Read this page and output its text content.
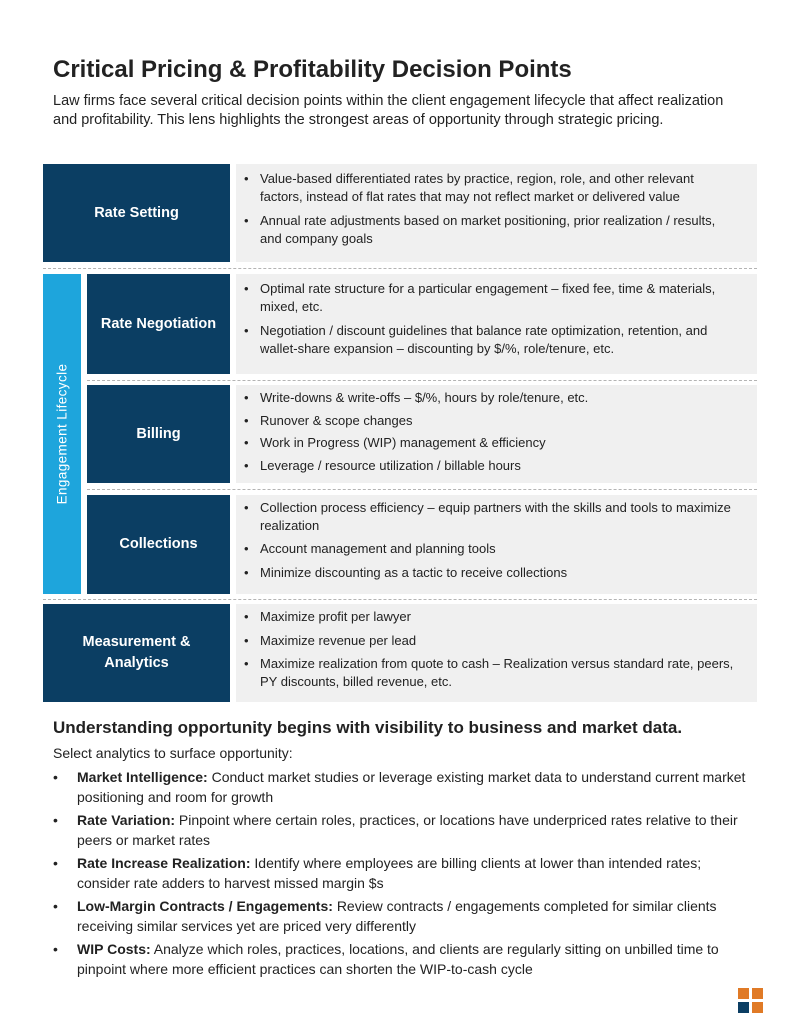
Critical Pricing & Profitability Decision Points

Law firms face several critical decision points within the client engagement lifecycle that affect realization and profitability. This lens highlights the strongest areas of opportunity through strategic pricing.

Rate Setting
• Value-based differentiated rates by practice, region, role, and other relevant factors, instead of flat rates that may not reflect market or delivered value
• Annual rate adjustments based on market positioning, prior realization / results, and company goals
Engagement Lifecycle
Rate Negotiation
• Optimal rate structure for a particular engagement – fixed fee, time & materials, mixed, etc.
• Negotiation / discount guidelines that balance rate optimization, retention, and wallet-share expansion – discounting by $/%, role/tenure, etc.
Billing
• Write-downs & write-offs – $/%, hours by role/tenure, etc.
• Runover & scope changes
• Work in Progress (WIP) management & efficiency
• Leverage / resource utilization / billable hours
Collections
• Collection process efficiency – equip partners with the skills and tools to maximize realization
• Account management and planning tools
• Minimize discounting as a tactic to receive collections
Measurement & Analytics
• Maximize profit per lawyer
• Maximize revenue per lead
• Maximize realization from quote to cash – Realization versus standard rate, peers, PY discounts, billed revenue, etc.
Understanding opportunity begins with visibility to business and market data.

Select analytics to surface opportunity:

• Market Intelligence: Conduct market studies or leverage existing market data to understand current market positioning and room for growth
• Rate Variation: Pinpoint where certain roles, practices, or locations have underpriced rates relative to their peers or market rates
• Rate Increase Realization: Identify where employees are billing clients at lower than intended rates; consider rate adders to harvest missed margin $s
• Low-Margin Contracts / Engagements: Review contracts / engagements completed for similar clients receiving similar services yet are priced very differently
• WIP Costs: Analyze which roles, practices, locations, and clients are regularly sitting on unbilled time to pinpoint where more efficient practices can shorten the WIP-to-cash cycle
